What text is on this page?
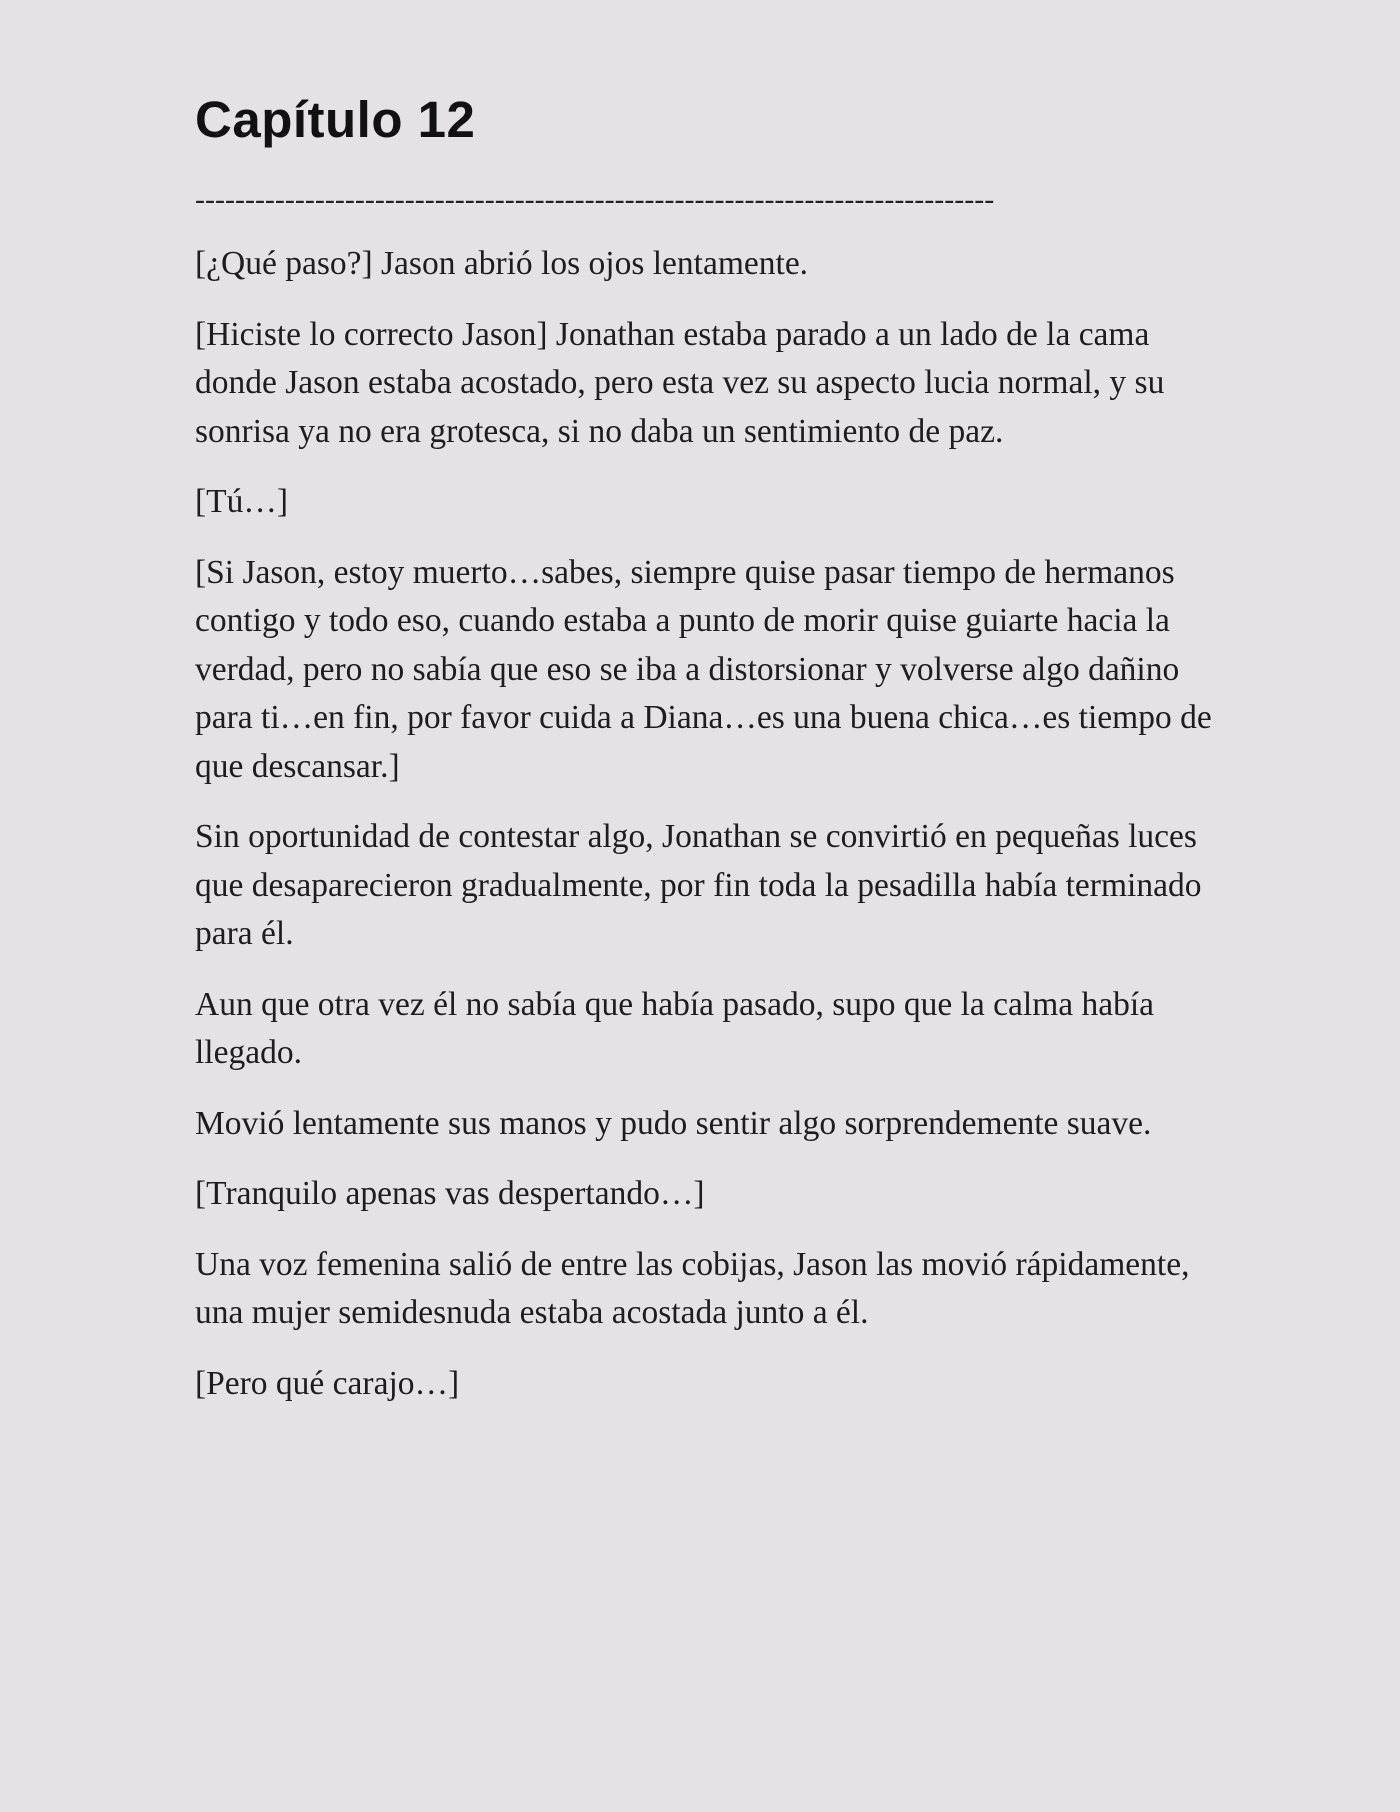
Capítulo 12
--------------------------------------------------------------------------------

[¿Qué paso?] Jason abrió los ojos lentamente.

[Hiciste lo correcto Jason] Jonathan estaba parado a un lado de la cama donde Jason estaba acostado, pero esta vez su aspecto lucia normal, y su sonrisa ya no era grotesca, si no daba un sentimiento de paz.

[Tú…]

[Si Jason, estoy muerto…sabes, siempre quise pasar tiempo de hermanos contigo y todo eso, cuando estaba a punto de morir quise guiarte hacia la verdad, pero no sabía que eso se iba a distorsionar y volverse algo dañino para ti…en fin, por favor cuida a Diana…es una buena chica…es tiempo de que descansar.]

Sin oportunidad de contestar algo, Jonathan se convirtió en pequeñas luces que desaparecieron gradualmente, por fin toda la pesadilla había terminado para él.

Aun que otra vez él no sabía que había pasado, supo que la calma había llegado.

Movió lentamente sus manos y pudo sentir algo sorprendemente suave.

[Tranquilo apenas vas despertando…]

Una voz femenina salió de entre las cobijas, Jason las movió rápidamente, una mujer semidesnuda estaba acostada junto a él.

[Pero qué carajo…]
